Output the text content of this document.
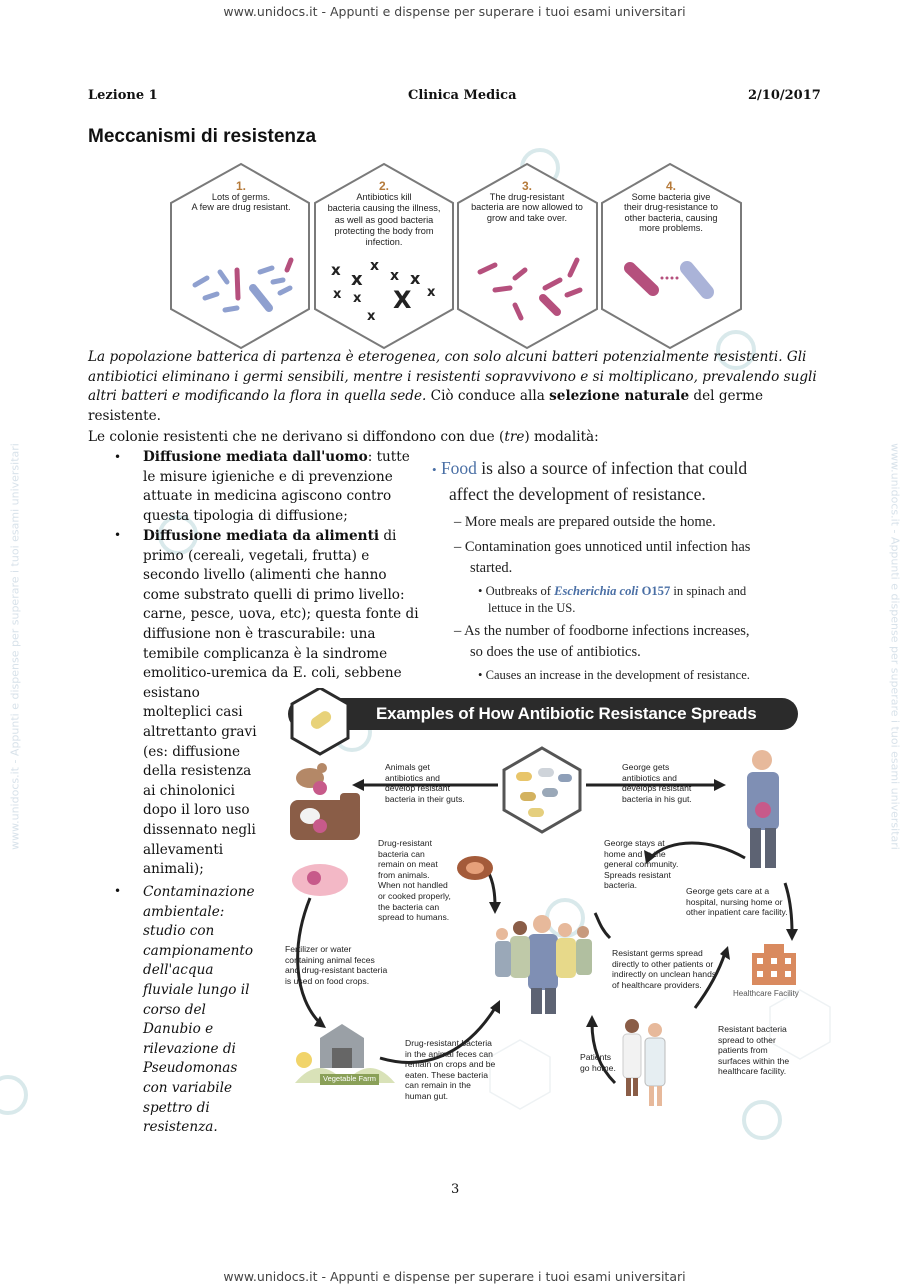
www.unidocs.it - Appunti e dispense per superare i tuoi esami universitari	www.unidocs.it - Appunti e dispense per superare i tuoi esami universitari
www.unidocs.it - Appunti e dispense per superare i tuoi esami universitari
www.unidocs.it - Appunti e dispense per superare i tuoi esami universitari
Lezione 1	Clinica Medica	2/10/2017
Meccanismi di resistenza
x x
x
x x
x
x x X
x
1.
Lots of germs.
A few are drug resistant.
2.
Antibiotics kill
bacteria causing the illness,
as well as good bacteria
protecting the body from
infection.
3.
The drug-resistant
bacteria are now allowed to
grow and take over.
4.
Some bacteria give
their drug-resistance to
other bacteria, causing
more problems.
La popolazione batterica di partenza è eterogenea, con solo alcuni batteri potenzialmente resistenti. Gli antibiotici eliminano i germi sensibili, mentre i resistenti sopravvivono e si moltiplicano, prevalendo sugli altri batteri e modificando la flora in quella sede. Ciò conduce alla selezione naturale del germe resistente.
Le colonie resistenti che ne derivano si diffondono con due (tre) modalità:
•
•
•
Diffusione mediata dall'uomo: tutte
le misure igieniche e di prevenzione
attuate in medicina agiscono contro
questa tipologia di diffusione;
Diffusione mediata da alimenti di
primo (cereali, vegetali, frutta) e
secondo livello (alimenti che hanno
come substrato quelli di primo livello:
carne, pesce, uova, etc); questa fonte di
diffusione non è trascurabile: una
temibile complicanza è la sindrome
emolitico-uremica da E. coli, sebbene
esistano
molteplici casi
altrettanto gravi
(es: diffusione
della resistenza
ai chinolonici
dopo il loro uso
dissennato negli
allevamenti
animali);
Contaminazione
ambientale:
studio con
campionamento
dell'acqua
fluviale lungo il
corso del
Danubio e
rilevazione di
Pseudomonas
con variabile
spettro di
resistenza.
• Food is also a source of infection that could
affect the development of resistance.
– More meals are prepared outside the home.
– Contamination goes unnoticed until infection has
started.
• Outbreaks of Escherichia coli O157 in spinach and
lettuce in the US.
– As the number of foodborne infections increases,
so does the use of antibiotics.
• Causes an increase in the development of resistance.
Examples of How Antibiotic Resistance Spreads
Animals get
antibiotics and
develop resistant
bacteria in their guts.
George gets
antibiotics and
develops resistant
bacteria in his gut.
Drug-resistant
bacteria can
remain on meat
from animals.
When not handled
or cooked properly,
the bacteria can
spread to humans.
George stays at
home and in the
general community.
Spreads resistant
bacteria.
George gets care at a
hospital, nursing home or
other inpatient care facility.
Fertilizer or water
containing animal feces
and drug-resistant bacteria
is used on food crops.
Resistant germs spread
directly to other patients or
indirectly on unclean hands
of healthcare providers.
Healthcare Facility
Resistant bacteria
spread to other
patients from
surfaces within the
healthcare facility.
Drug-resistant bacteria
in the animal feces can
remain on crops and be
eaten. These bacteria
can remain in the
human gut.
Patients
go home.
Vegetable Farm
3
